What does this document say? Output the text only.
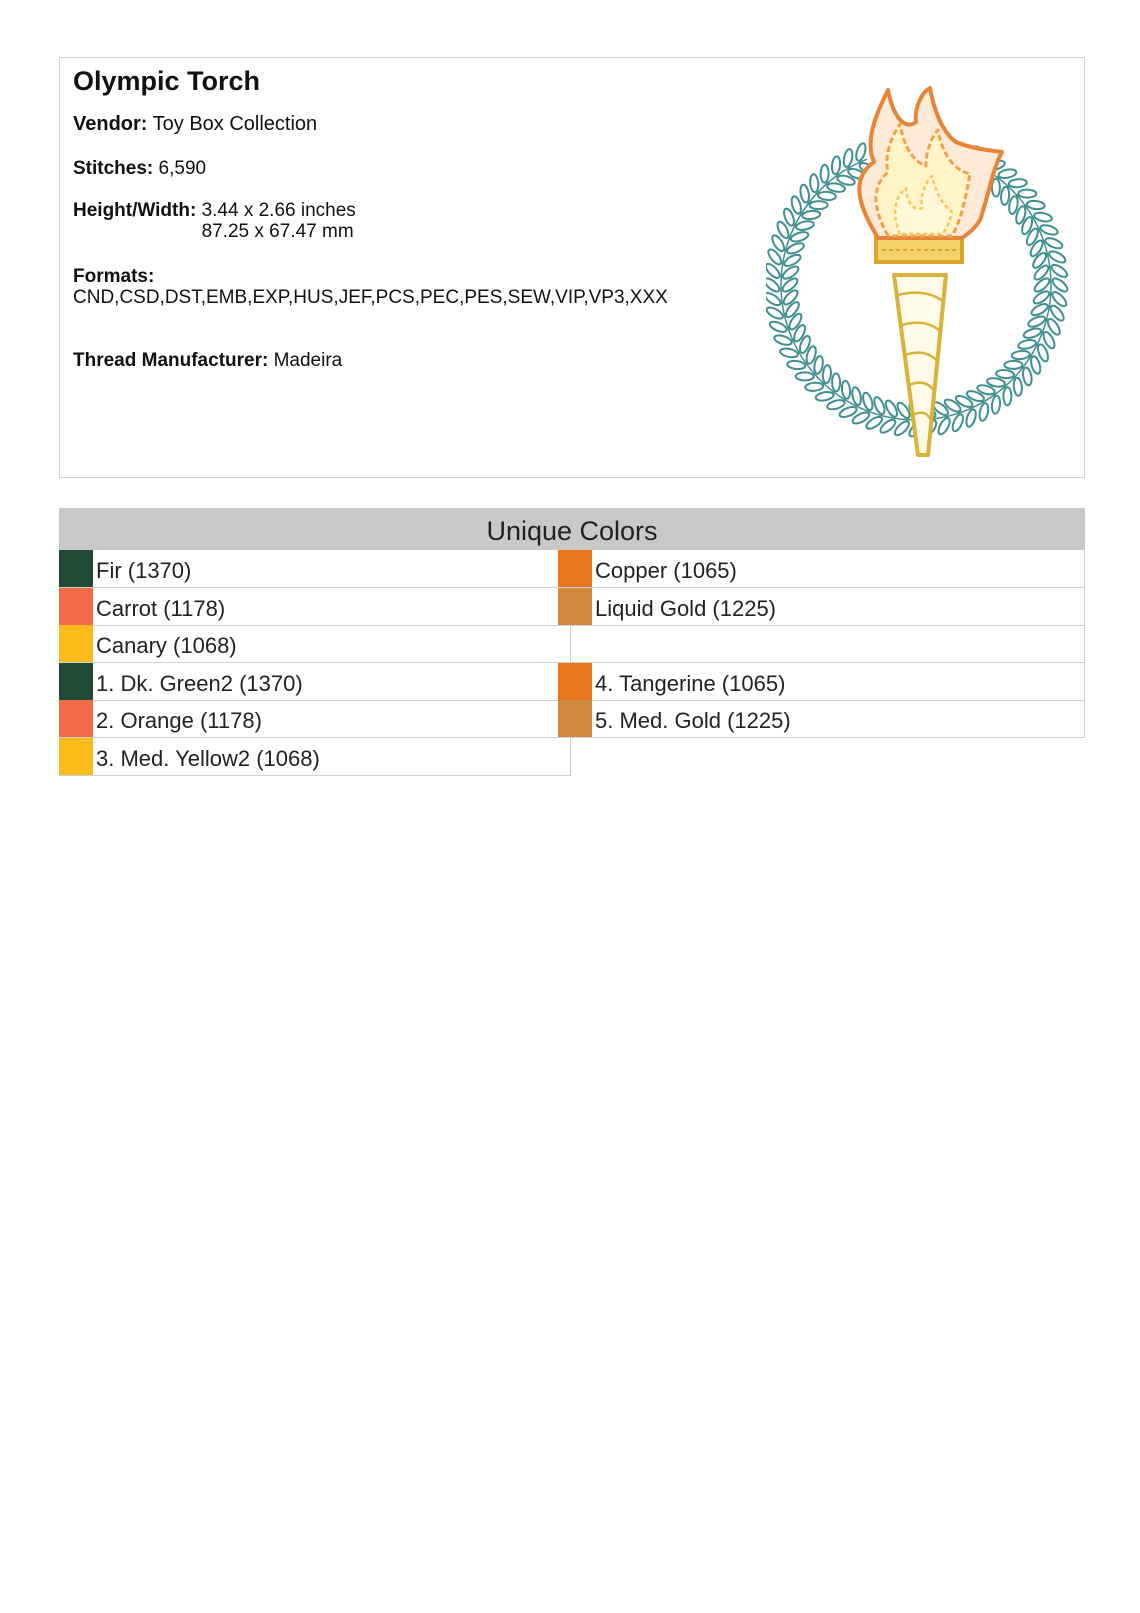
Olympic Torch
Vendor: Toy Box Collection
Stitches: 6,590
Height/Width: 3.44 x 2.66 inches
87.25 x 67.47 mm
Formats:
CND,CSD,DST,EMB,EXP,HUS,JEF,PCS,PEC,PES,SEW,VIP,VP3,XXX
Thread Manufacturer: Madeira
Unique Colors
Fir (1370)	Copper (1065)
Carrot (1178)	Liquid Gold (1225)
Canary (1068)
1. Dk. Green2 (1370)	4. Tangerine (1065)
2. Orange (1178)	5. Med. Gold (1225)
3. Med. Yellow2 (1068)
